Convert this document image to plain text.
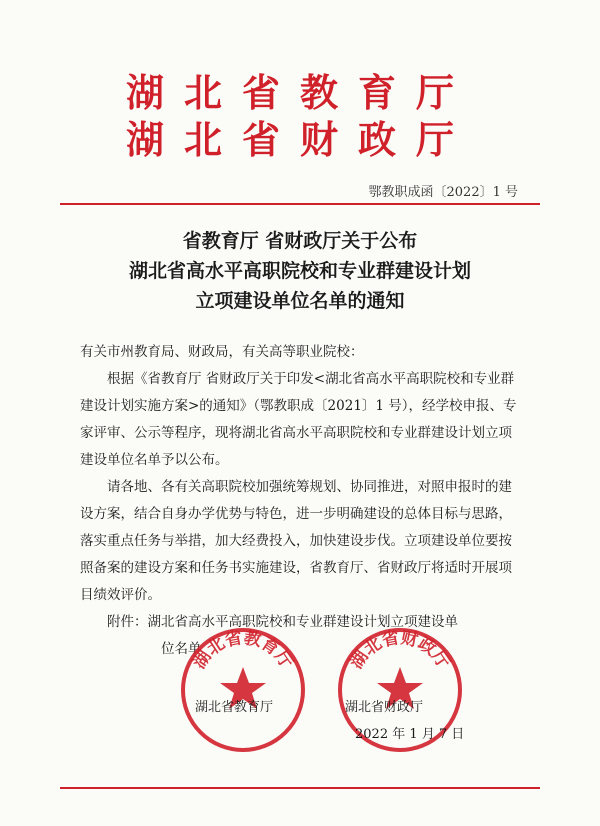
湖北省教育厅
湖北省财政厅
鄂教职成函〔2022〕1 号
省教育厅 省财政厅关于公布
湖北省高水平高职院校和专业群建设计划
立项建设单位名单的通知

有关市州教育局、财政局，有关高等职业院校：

根据《省教育厅 省财政厅关于印发<湖北省高水平高职院校和专业群建设计划实施方案>的通知》（鄂教职成〔2021〕1 号），经学校申报、专家评审、公示等程序，现将湖北省高水平高职院校和专业群建设计划立项建设单位名单予以公布。

请各地、各有关高职院校加强统筹规划、协同推进，对照申报时的建设方案，结合自身办学优势与特色，进一步明确建设的总体目标与思路，落实重点任务与举措，加大经费投入，加快建设步伐。立项建设单位要按照备案的建设方案和任务书实施建设，省教育厅、省财政厅将适时开展项目绩效评价。

附件：湖北省高水平高职院校和专业群建设计划立项建设单
位名单

湖北省教育厅	湖北省财政厅
湖北省教育厅	湖北省财政厅
2022 年 1 月 7 日
